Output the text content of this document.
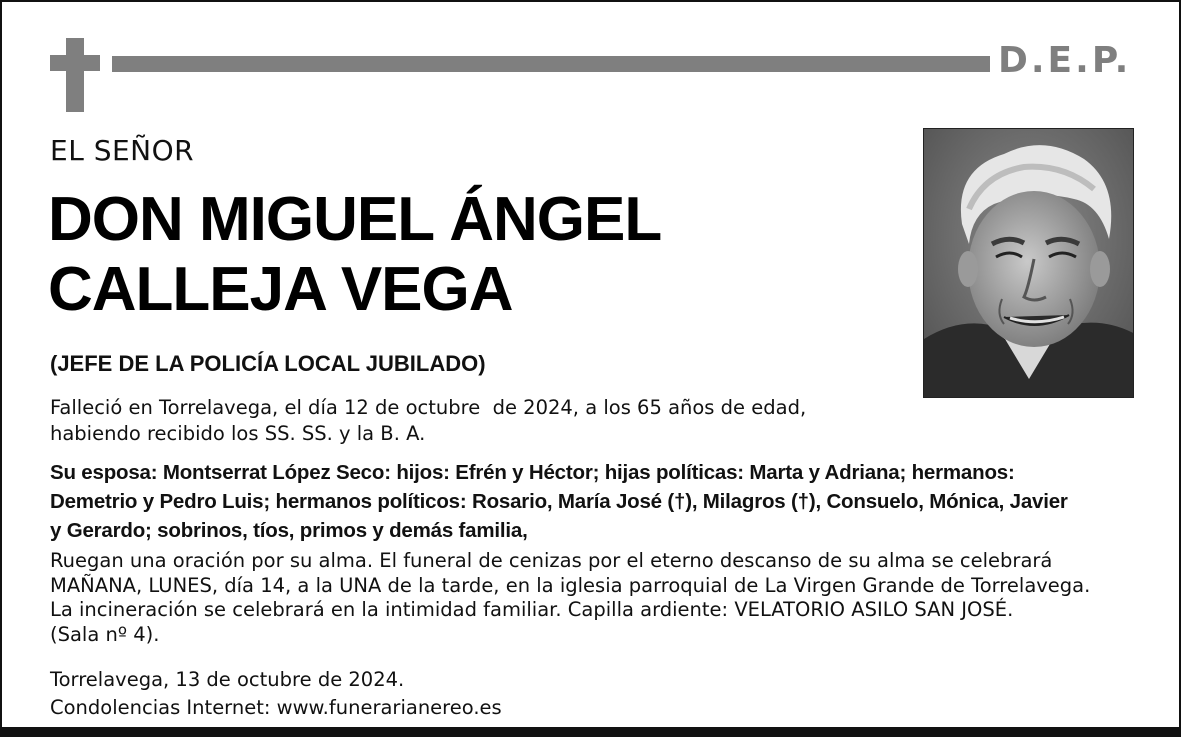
D.E.P.
EL SEÑOR
DON MIGUEL ÁNGEL
CALLEJA VEGA
(JEFE DE LA POLICÍA LOCAL JUBILADO)
Falleció en Torrelavega, el día 12 de octubre  de 2024, a los 65 años de edad,
habiendo recibido los SS. SS. y la B. A.
Su esposa: Montserrat López Seco: hijos: Efrén y Héctor; hijas políticas: Marta y Adriana; hermanos:
Demetrio y Pedro Luis; hermanos políticos: Rosario, María José (†), Milagros (†), Consuelo, Mónica, Javier
y Gerardo; sobrinos, tíos, primos y demás familia,
Ruegan una oración por su alma. El funeral de cenizas por el eterno descanso de su alma se celebrará
MAÑANA, LUNES, día 14, a la UNA de la tarde, en la iglesia parroquial de La Virgen Grande de Torrelavega.
La incineración se celebrará en la intimidad familiar. Capilla ardiente: VELATORIO ASILO SAN JOSÉ.
(Sala nº 4).
Torrelavega, 13 de octubre de 2024.
Condolencias Internet: www.funerarianereo.es
